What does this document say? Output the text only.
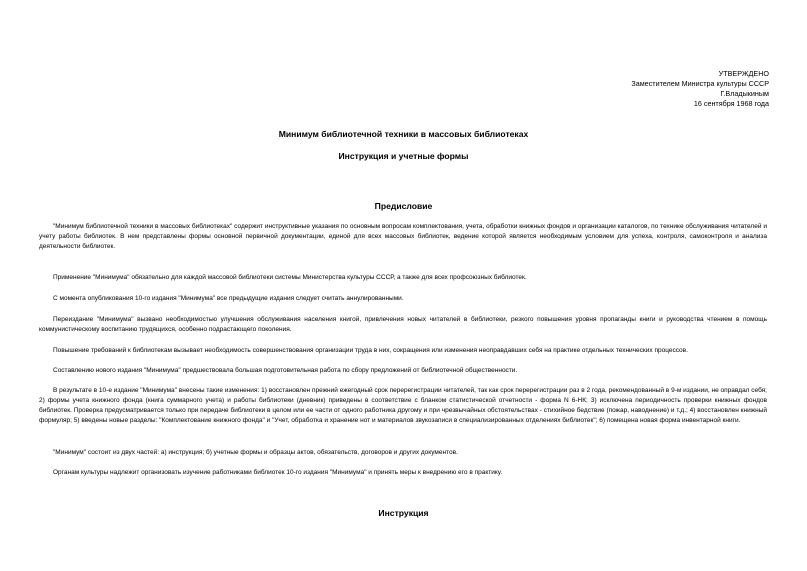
УТВЕРЖДЕНО
Заместителем Министра культуры СССР
Г.Владыкиным
16 сентября 1968 года
Минимум библиотечной техники в массовых библиотеках
Инструкция и учетные формы
Предисловие
"Минимум библиотечной техники в массовых библиотеках" содержит инструктивные указания по основным вопросам комплектования, учета, обработки книжных фондов и организации каталогов, по технике обслуживания читателей и учету работы библиотек. В нем представлены формы основной первичной документации, единой для всех массовых библиотек, ведение которой является необходимым условием для успеха, контроля, самоконтроля и анализа деятельности библиотек.
Применение "Минимума" обязательно для каждой массовой библиотеки системы Министерства культуры СССР, а также для всех профсоюзных библиотек.
С момента опубликования 10-го издания "Минимума" все предыдущие издания следует считать аннулированными.
Переиздание "Минимума" вызвано необходимостью улучшения обслуживания населения книгой, привлечения новых читателей в библиотеки, резкого повышения уровня пропаганды книги и руководства чтением в помощь коммунистическому воспитанию трудящихся, особенно подрастающего поколения.
Повышение требований к библиотекам вызывает необходимость совершенствования организации труда в них, сокращения или изменения неоправдавших себя на практике отдельных технических процессов.
Составлению нового издания "Минимума" предшествовала большая подготовительная работа по сбору предложений от библиотечной общественности.
В результате в 10-е издание "Минимума" внесены такие изменения: 1) восстановлен прежний ежегодный срок перерегистрации читателей, так как срок перерегистрации раз в 2 года, рекомендованный в 9-м издании, не оправдал себя; 2) формы учета книжного фонда (книга суммарного учета) и работы библиотеки (дневник) приведены в соответствие с бланком статистической отчетности - форма N 6-НК; 3) исключена периодичность проверки книжных фондов библиотек. Проверка предусматривается только при передаче библиотеки в целом или ее части от одного работника другому и при чрезвычайных обстоятельствах - стихийное бедствие (пожар, наводнение) и т.д.; 4) восстановлен книжный формуляр; 5) введены новые разделы: "Комплектование книжного фонда" и "Учет, обработка и хранение нот и материалов звукозаписи в специализированных отделениях библиотек"; 6) помещена новая форма инвентарной книги.
"Минимум" состоит из двух частей: а) инструкция; б) учетные формы и образцы актов, обязательств, договоров и других документов.
Органам культуры надлежит организовать изучение работниками библиотек 10-го издания "Минимума" и принять меры к внедрению его в практику.
Инструкция
